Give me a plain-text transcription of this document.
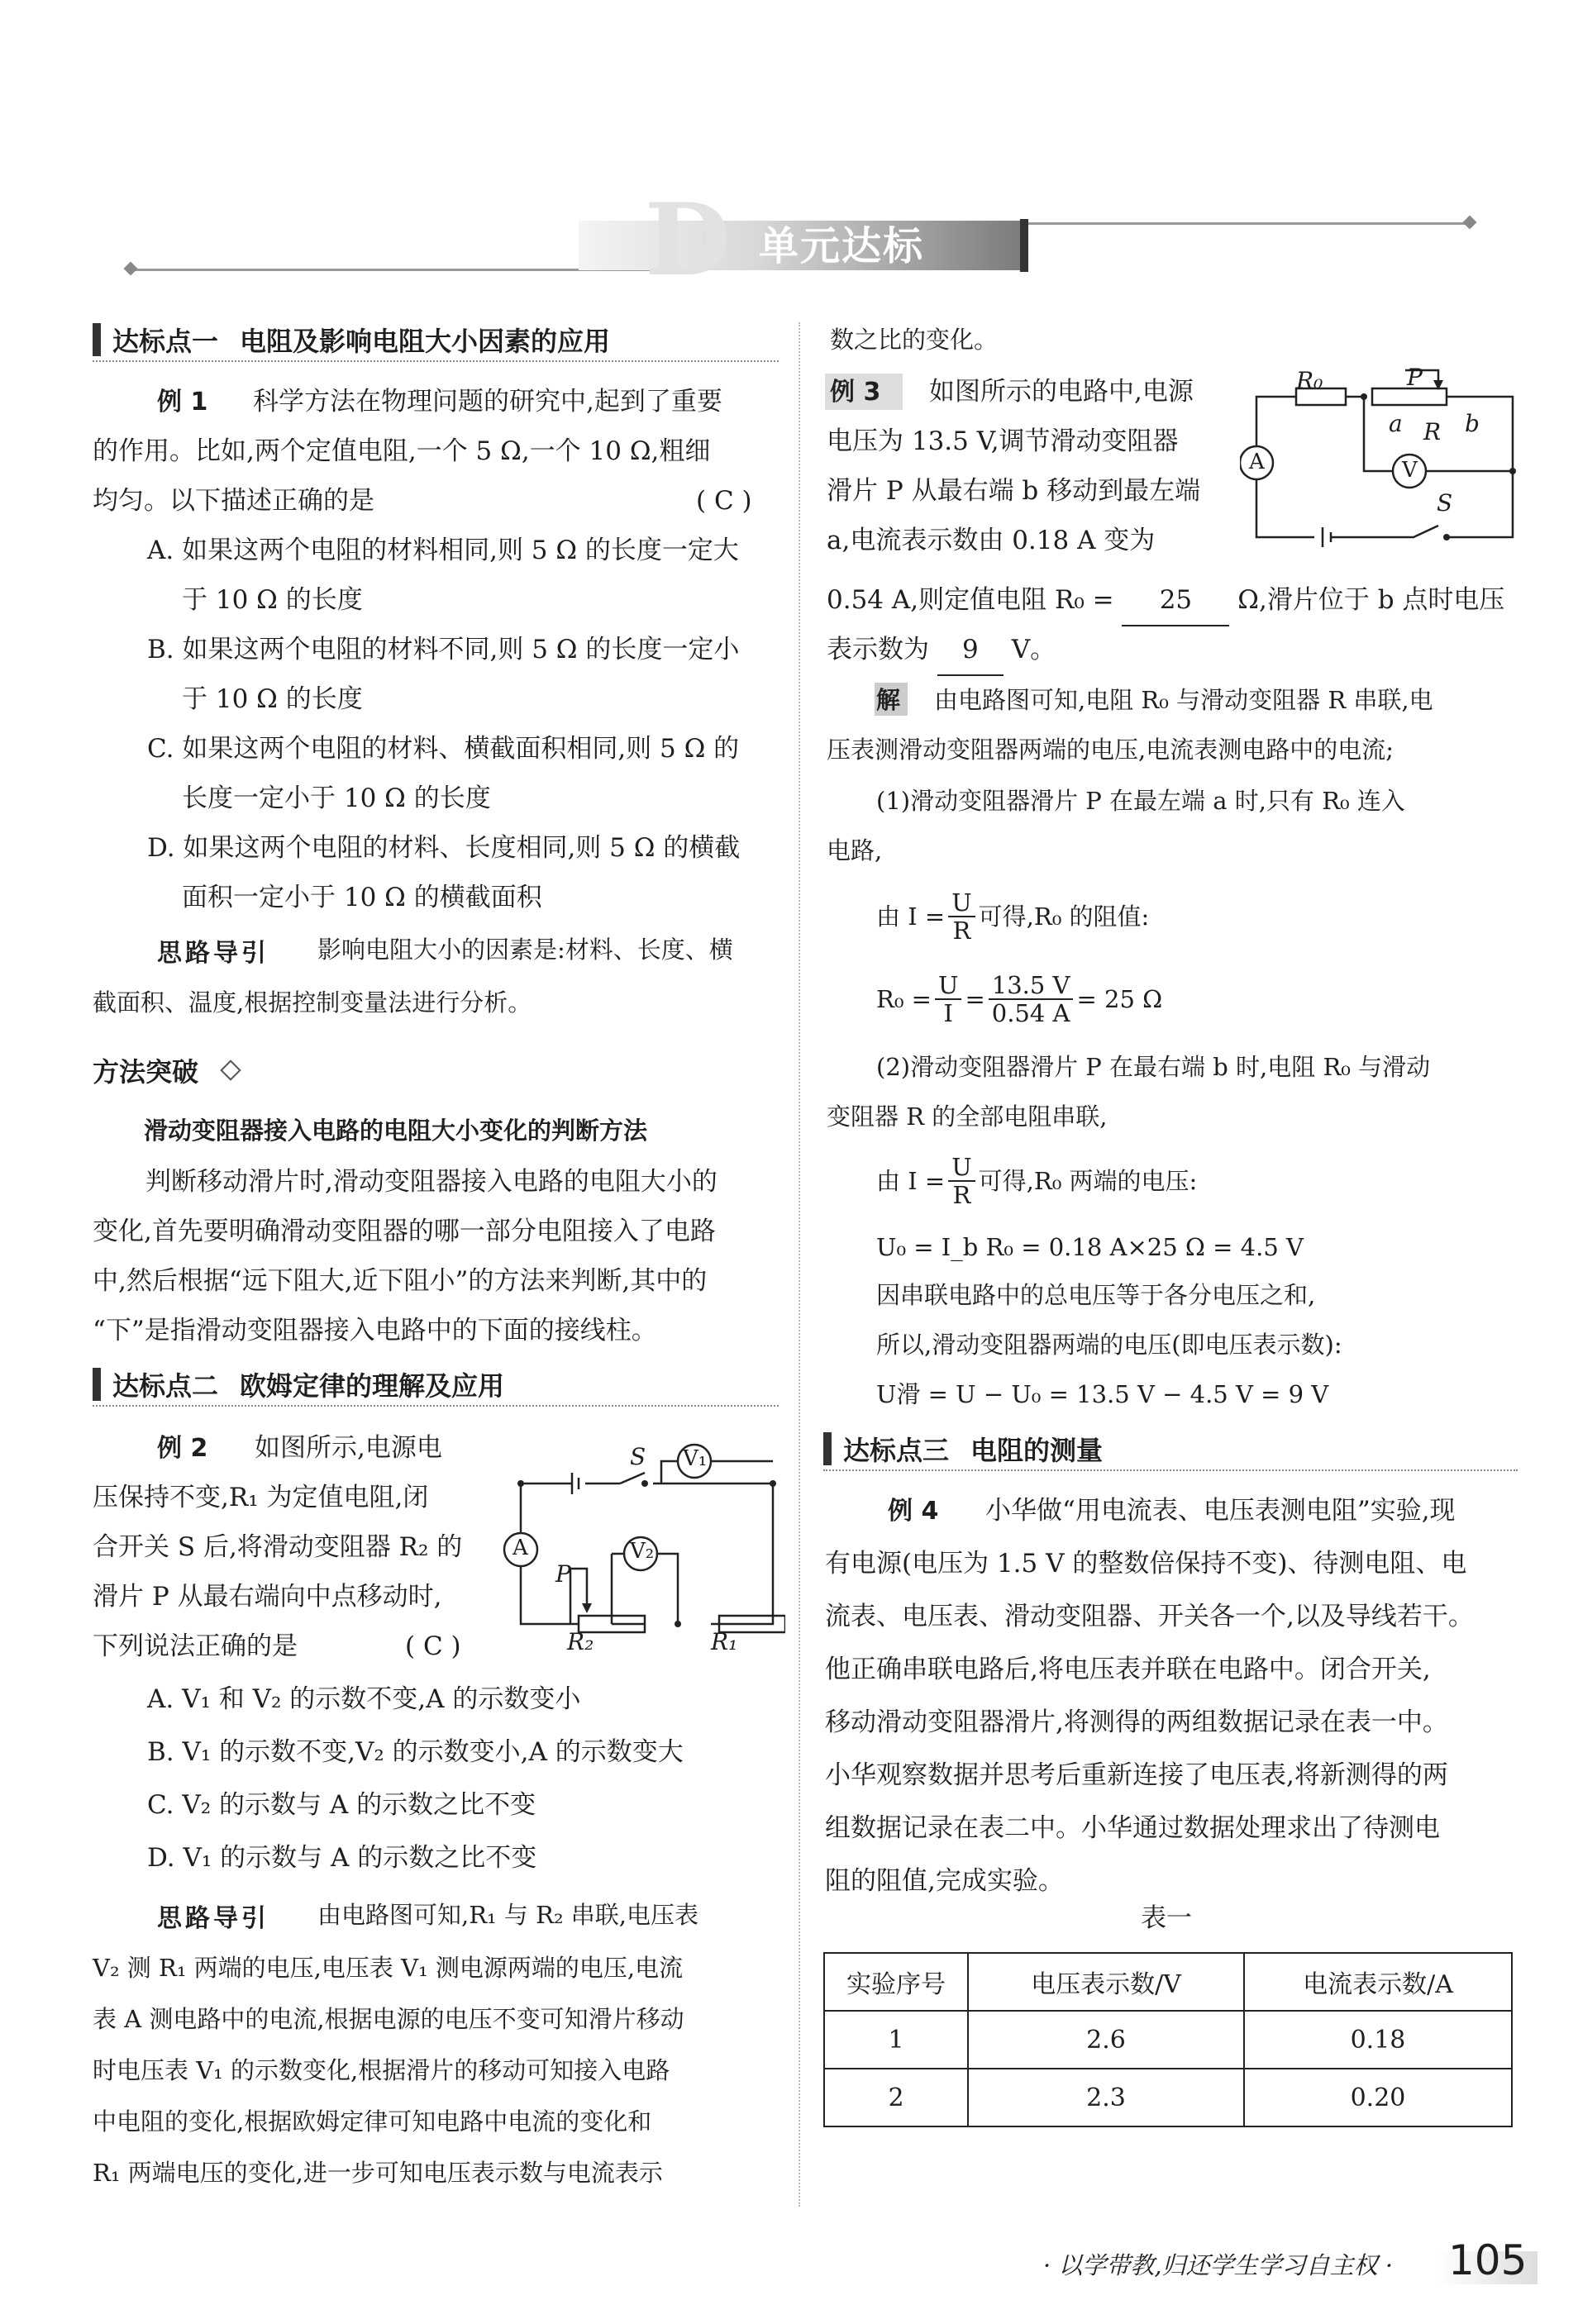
D 单元达标
达标点一 电阻及影响电阻大小因素的应用
例 1 科学方法在物理问题的研究中,起到了重要
的作用。比如,两个定值电阻,一个 5 Ω,一个 10 Ω,粗细
均匀。以下描述正确的是	( C )
A. 如果这两个电阻的材料相同,则 5 Ω 的长度一定大
于 10 Ω 的长度
B. 如果这两个电阻的材料不同,则 5 Ω 的长度一定小
于 10 Ω 的长度
C. 如果这两个电阻的材料、横截面积相同,则 5 Ω 的
长度一定小于 10 Ω 的长度
D. 如果这两个电阻的材料、长度相同,则 5 Ω 的横截
面积一定小于 10 Ω 的横截面积
思路导引 影响电阻大小的因素是:材料、长度、横
截面积、温度,根据控制变量法进行分析。
方法突破
滑动变阻器接入电路的电阻大小变化的判断方法
判断移动滑片时,滑动变阻器接入电路的电阻大小的
变化,首先要明确滑动变阻器的哪一部分电阻接入了电路
中,然后根据“远下阻大,近下阻小”的方法来判断,其中的
“下”是指滑动变阻器接入电路中的下面的接线柱。
达标点二 欧姆定律的理解及应用
例 2 如图所示,电源电
压保持不变,R₁ 为定值电阻,闭
合开关 S 后,将滑动变阻器 R₂ 的
滑片 P 从最右端向中点移动时,
下列说法正确的是	( C )
S V₁
A	V₂
P
R₂	R₁
A. V₁ 和 V₂ 的示数不变,A 的示数变小
B. V₁ 的示数不变,V₂ 的示数变小,A 的示数变大
C. V₂ 的示数与 A 的示数之比不变
D. V₁ 的示数与 A 的示数之比不变
思路导引 由电路图可知,R₁ 与 R₂ 串联,电压表
V₂ 测 R₁ 两端的电压,电压表 V₁ 测电源两端的电压,电流
表 A 测电路中的电流,根据电源的电压不变可知滑片移动
时电压表 V₁ 的示数变化,根据滑片的移动可知接入电路
中电阻的变化,根据欧姆定律可知电路中电流的变化和
R₁ 两端电压的变化,进一步可知电压表示数与电流表示
数之比的变化。
例 3 如图所示的电路中,电源
电压为 13.5 V,调节滑动变阻器
滑片 P 从最右端 b 移动到最左端
a,电流表示数由 0.18 A 变为
0.54 A,则定值电阻 R₀ = 25 Ω,滑片位于 b 点时电压
表示数为 9 V。
R₀	P
a R b
A	V
S
解 由电路图可知,电阻 R₀ 与滑动变阻器 R 串联,电
压表测滑动变阻器两端的电压,电流表测电路中的电流;
(1)滑动变阻器滑片 P 在最左端 a 时,只有 R₀ 连入
电路,
由 $I = \frac{U}{R}$ 可得,R₀ 的阻值:
$R_0 = \frac{U}{I} = \frac{13.5 V}{0.54 A} = 25$ Ω
(2)滑动变阻器滑片 P 在最右端 b 时,电阻 R₀ 与滑动
变阻器 R 的全部电阻串联,
由 $I = \frac{U}{R}$ 可得,R₀ 两端的电压:
U₀ = I_b R₀ = 0.18 A×25 Ω = 4.5 V
因串联电路中的总电压等于各分电压之和,
所以,滑动变阻器两端的电压(即电压表示数):
U滑 = U − U₀ = 13.5 V − 4.5 V = 9 V
达标点三 电阻的测量
例 4 小华做“用电流表、电压表测电阻”实验,现
有电源(电压为 1.5 V 的整数倍保持不变)、待测电阻、电
流表、电压表、滑动变阻器、开关各一个,以及导线若干。
他正确串联电路后,将电压表并联在电路中。闭合开关,
移动滑动变阻器滑片,将测得的两组数据记录在表一中。
小华观察数据并思考后重新连接了电压表,将新测得的两
组数据记录在表二中。小华通过数据处理求出了待测电
阻的阻值,完成实验。
表一
实验序号	电压表示数/V	电流表示数/A
1	2.6	0.18
2	2.3	0.20
· 以学带教,归还学生学习自主权 · 105
